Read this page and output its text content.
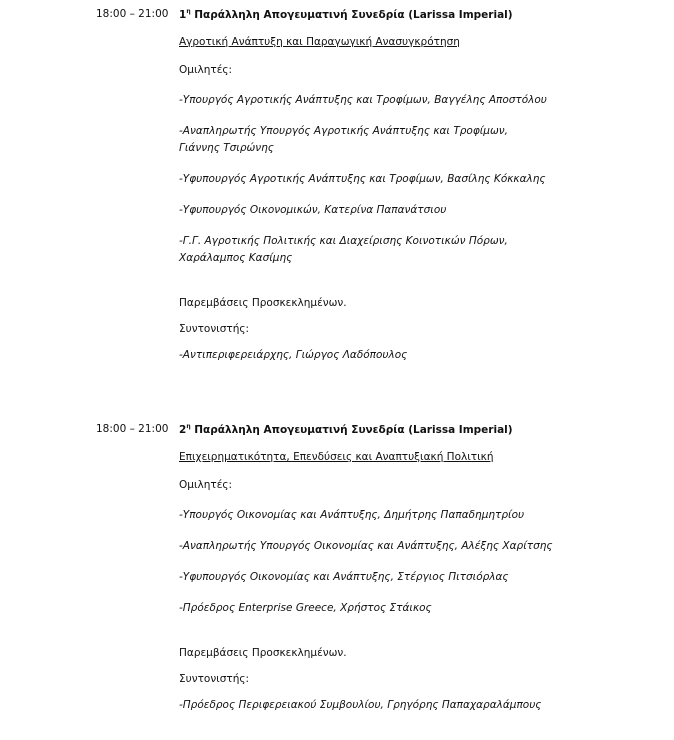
18:00 – 21:00 $1^\eta$ Παράλληλη Απογευματινή Συνεδρία (Larissa Imperial)
Αγροτική Ανάπτυξη και Παραγωγική Ανασυγκρότηση
Ομιλητές:
-Υπουργός Αγροτικής Ανάπτυξης και Τροφίμων, Βαγγέλης Αποστόλου
-Αναπληρωτής Υπουργός Αγροτικής Ανάπτυξης και Τροφίμων, Γιάννης Τσιρώνης
-Υφυπουργός Αγροτικής Ανάπτυξης και Τροφίμων, Βασίλης Κόκκαλης
-Υφυπουργός Οικονομικών, Κατερίνα Παπανάτσιου
-Γ.Γ. Αγροτικής Πολιτικής και Διαχείρισης Κοινοτικών Πόρων, Χαράλαμπος Κασίμης
Παρεμβάσεις Προσκεκλημένων.
Συντονιστής:
-Αντιπεριφερειάρχης, Γιώργος Λαδόπουλος
18:00 – 21:00 $2^\eta$ Παράλληλη Απογευματινή Συνεδρία (Larissa Imperial)
Επιχειρηματικότητα, Επενδύσεις και Αναπτυξιακή Πολιτική
Ομιλητές:
-Υπουργός Οικονομίας και Ανάπτυξης, Δημήτρης Παπαδημητρίου
-Αναπληρωτής Υπουργός Οικονομίας και Ανάπτυξης, Αλέξης Χαρίτσης
-Υφυπουργός Οικονομίας και Ανάπτυξης, Στέργιος Πιτσιόρλας
-Πρόεδρος Enterprise Greece, Χρήστος Στάικος
Παρεμβάσεις Προσκεκλημένων.
Συντονιστής:
-Πρόεδρος Περιφερειακού Συμβουλίου, Γρηγόρης Παπαχαραλάμπους
